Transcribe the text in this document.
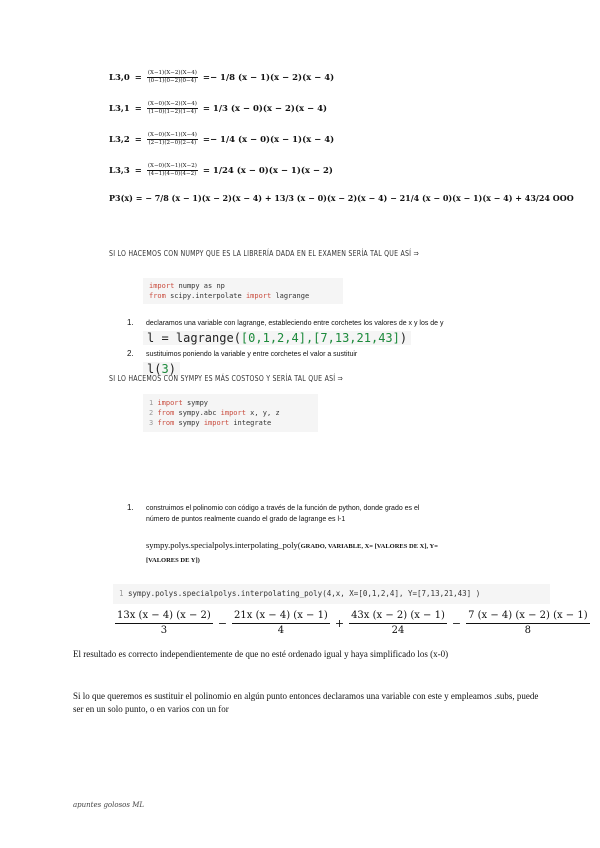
$L3,0 = \frac{(X-1)(X-2)(X-4)}{(0-1)(0-2)(0-4)} =- 1/8$ (x − 1)(x − 2)(x − 4)
$L3,1 = \frac{(X-0)(X-2)(X-4)}{(1-0)(1-2)(1-4)} = 1/3$ (x − 0)(x − 2)(x − 4)
$L3,2 = \frac{(X-0)(X-1)(X-4)}{(2-1)(2-0)(2-4)} =- 1/4$ (x − 0)(x − 1)(x − 4)
$L3,3 = \frac{(X-0)(X-1)(X-2)}{(4-1)(4-0)(4-2)} = 1/24$ (x − 0)(x − 1)(x − 2)
P3(x) = − 7/8 (x − 1)(x − 2)(x − 4) + 13/3 (x − 0)(x − 2)(x − 4) − 21/4 (x − 0)(x − 1)(x − 4) + 43/24 OOO
SI LO HACEMOS CON NUMPY QUE ES LA LIBRERÍA DADA EN EL EXAMEN SERÍA TAL QUE ASÍ ⇒
import numpy as np
from scipy.interpolate import lagrange
1. declaramos una variable con lagrange, estableciendo entre corchetes los valores de x y los de y
l = lagrange([0,1,2,4],[7,13,21,43])
2. sustituimos poniendo la variable y entre corchetes el valor a sustituir
l(3)
SI LO HACEMOS CON SYMPY ES MÁS COSTOSO Y SERÍA TAL QUE ASÍ ⇒
1 import sympy
2 from sympy.abc import x, y, z
3 from sympy import integrate
1. construimos el polinomio con código a través de la función de python, donde grado es el
número de puntos realmente cuando el grado de lagrange es l-1
sympy.polys.specialpolys.interpolating_poly(GRADO, VARIABLE, X= [VALORES DE X], Y=
[VALORES DE Y])
1 sympy.polys.specialpolys.interpolating_poly(4,x, X=[0,1,2,4], Y=[7,13,21,43] )
13x (x − 4) (x − 2)
3
− $\frac{21x (x - 4) (x - 1)}{4} + \frac{43x (x - 2) (x - 1)}{24} - \frac{7 (x - 4) (x - 2) (x - 1)}{8}$
El resultado es correcto independientemente de que no esté ordenado igual y haya simplificado los (x-0)
Si lo que queremos es sustituir el polinomio en algún punto entonces declaramos una variable con este y empleamos .subs, puede ser en un solo punto, o en varios con un for
apuntes golosos ML
